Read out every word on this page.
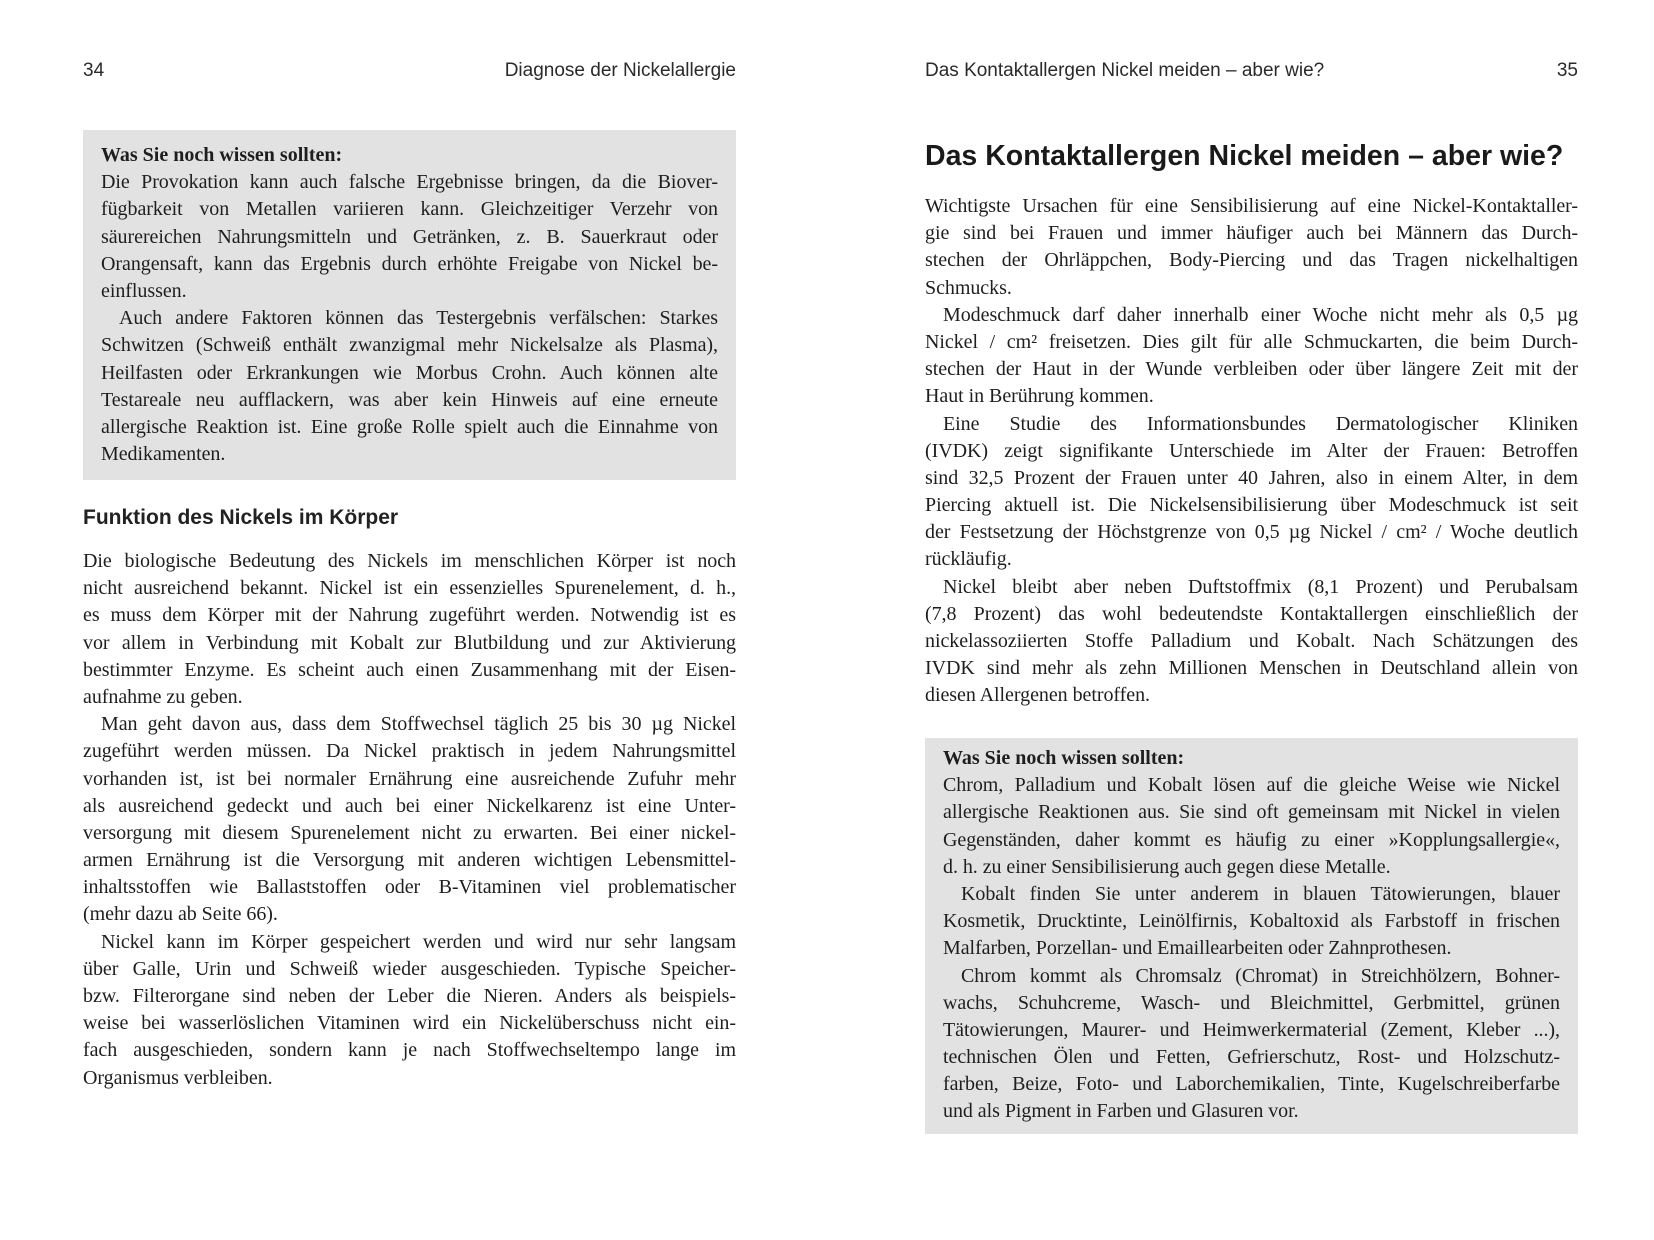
34	Diagnose der Nickelallergie
Was Sie noch wissen sollten:
Die Provokation kann auch falsche Ergebnisse bringen, da die Biover-
fügbarkeit von Metallen variieren kann. Gleichzeitiger Verzehr von
säurereichen Nahrungsmitteln und Getränken, z. B. Sauerkraut oder
Orangensaft, kann das Ergebnis durch erhöhte Freigabe von Nickel be-
einflussen.
Auch andere Faktoren können das Testergebnis verfälschen: Starkes
Schwitzen (Schweiß enthält zwanzigmal mehr Nickelsalze als Plasma),
Heilfasten oder Erkrankungen wie Morbus Crohn. Auch können alte
Testareale neu aufflackern, was aber kein Hinweis auf eine erneute
allergische Reaktion ist. Eine große Rolle spielt auch die Einnahme von
Medikamenten.
Funktion des Nickels im Körper
Die biologische Bedeutung des Nickels im menschlichen Körper ist noch
nicht ausreichend bekannt. Nickel ist ein essenzielles Spurenelement, d. h.,
es muss dem Körper mit der Nahrung zugeführt werden. Notwendig ist es
vor allem in Verbindung mit Kobalt zur Blutbildung und zur Aktivierung
bestimmter Enzyme. Es scheint auch einen Zusammenhang mit der Eisen-
aufnahme zu geben.
Man geht davon aus, dass dem Stoffwechsel täglich 25 bis 30 µg Nickel
zugeführt werden müssen. Da Nickel praktisch in jedem Nahrungsmittel
vorhanden ist, ist bei normaler Ernährung eine ausreichende Zufuhr mehr
als ausreichend gedeckt und auch bei einer Nickelkarenz ist eine Unter-
versorgung mit diesem Spurenelement nicht zu erwarten. Bei einer nickel-
armen Ernährung ist die Versorgung mit anderen wichtigen Lebensmittel-
inhaltsstoffen wie Ballaststoffen oder B-Vitaminen viel problematischer
(mehr dazu ab Seite 66).
Nickel kann im Körper gespeichert werden und wird nur sehr langsam
über Galle, Urin und Schweiß wieder ausgeschieden. Typische Speicher-
bzw. Filterorgane sind neben der Leber die Nieren. Anders als beispiels-
weise bei wasserlöslichen Vitaminen wird ein Nickelüberschuss nicht ein-
fach ausgeschieden, sondern kann je nach Stoffwechseltempo lange im
Organismus verbleiben.
Das Kontaktallergen Nickel meiden – aber wie?	35
Das Kontaktallergen Nickel meiden – aber wie?
Wichtigste Ursachen für eine Sensibilisierung auf eine Nickel-Kontaktaller-
gie sind bei Frauen und immer häufiger auch bei Männern das Durch-
stechen der Ohrläppchen, Body-Piercing und das Tragen nickelhaltigen
Schmucks.
Modeschmuck darf daher innerhalb einer Woche nicht mehr als 0,5 µg
Nickel / cm² freisetzen. Dies gilt für alle Schmuckarten, die beim Durch-
stechen der Haut in der Wunde verbleiben oder über längere Zeit mit der
Haut in Berührung kommen.
Eine Studie des Informationsbundes Dermatologischer Kliniken
(IVDK) zeigt signifikante Unterschiede im Alter der Frauen: Betroffen
sind 32,5 Prozent der Frauen unter 40 Jahren, also in einem Alter, in dem
Piercing aktuell ist. Die Nickelsensibilisierung über Modeschmuck ist seit
der Festsetzung der Höchstgrenze von 0,5 µg Nickel / cm² / Woche deutlich
rückläufig.
Nickel bleibt aber neben Duftstoffmix (8,1 Prozent) und Perubalsam
(7,8 Prozent) das wohl bedeutendste Kontaktallergen einschließlich der
nickelassoziierten Stoffe Palladium und Kobalt. Nach Schätzungen des
IVDK sind mehr als zehn Millionen Menschen in Deutschland allein von
diesen Allergenen betroffen.
Was Sie noch wissen sollten:
Chrom, Palladium und Kobalt lösen auf die gleiche Weise wie Nickel
allergische Reaktionen aus. Sie sind oft gemeinsam mit Nickel in vielen
Gegenständen, daher kommt es häufig zu einer »Kopplungsallergie«,
d. h. zu einer Sensibilisierung auch gegen diese Metalle.
Kobalt finden Sie unter anderem in blauen Tätowierungen, blauer
Kosmetik, Drucktinte, Leinölfirnis, Kobaltoxid als Farbstoff in frischen
Malfarben, Porzellan- und Emaillearbeiten oder Zahnprothesen.
Chrom kommt als Chromsalz (Chromat) in Streichhölzern, Bohner-
wachs, Schuhcreme, Wasch- und Bleichmittel, Gerbmittel, grünen
Tätowierungen, Maurer- und Heimwerkermaterial (Zement, Kleber ...),
technischen Ölen und Fetten, Gefrierschutz, Rost- und Holzschutz-
farben, Beize, Foto- und Laborchemikalien, Tinte, Kugelschreiberfarbe
und als Pigment in Farben und Glasuren vor.
